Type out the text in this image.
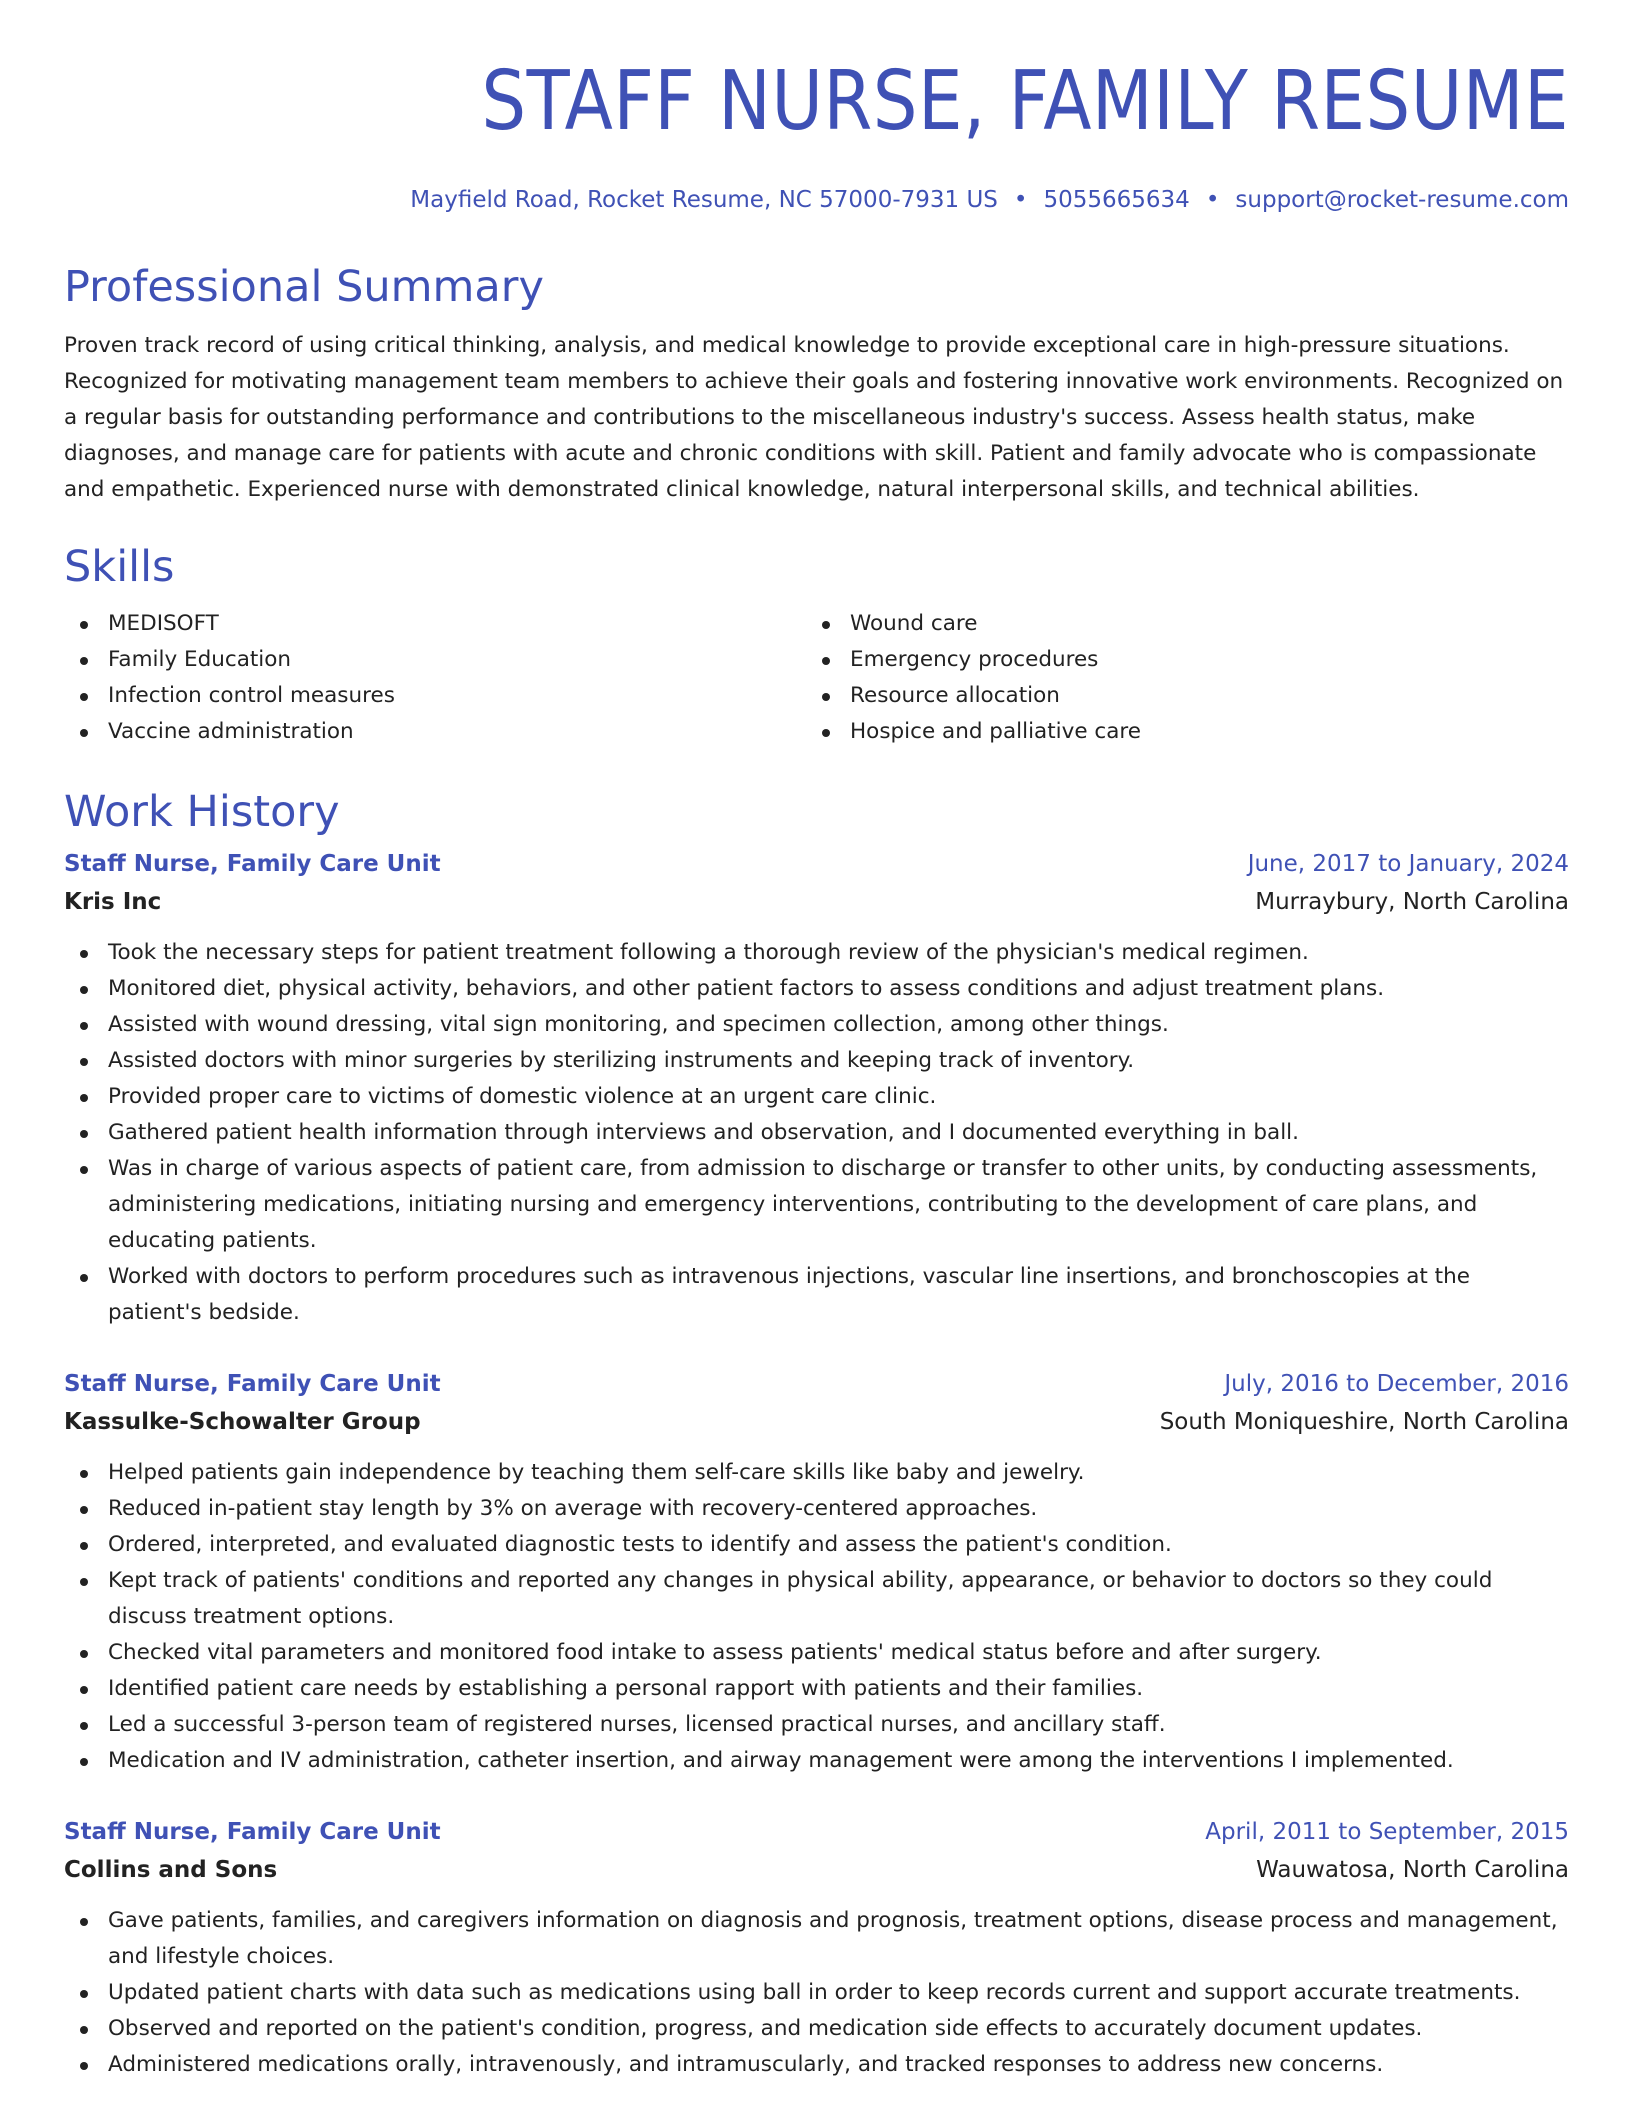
STAFF NURSE, FAMILY RESUME
Mayfield Road, Rocket Resume, NC 57000-7931 US • 5055665634 • support@rocket-resume.com
Professional Summary

Proven track record of using critical thinking, analysis, and medical knowledge to provide exceptional care in high-pressure situations. Recognized for motivating management team members to achieve their goals and fostering innovative work environments. Recognized on a regular basis for outstanding performance and contributions to the miscellaneous industry's success. Assess health status, make diagnoses, and manage care for patients with acute and chronic conditions with skill. Patient and family advocate who is compassionate and empathetic. Experienced nurse with demonstrated clinical knowledge, natural interpersonal skills, and technical abilities.

Skills
MEDISOFT
Family Education
Infection control measures
Vaccine administration
Wound care
Emergency procedures
Resource allocation
Hospice and palliative care
Work History
Staff Nurse, Family Care Unit	June, 2017 to January, 2024
Kris Inc	Murraybury, North Carolina
Took the necessary steps for patient treatment following a thorough review of the physician's medical regimen.
Monitored diet, physical activity, behaviors, and other patient factors to assess conditions and adjust treatment plans.
Assisted with wound dressing, vital sign monitoring, and specimen collection, among other things.
Assisted doctors with minor surgeries by sterilizing instruments and keeping track of inventory.
Provided proper care to victims of domestic violence at an urgent care clinic.
Gathered patient health information through interviews and observation, and I documented everything in ball.
Was in charge of various aspects of patient care, from admission to discharge or transfer to other units, by conducting assessments, administering medications, initiating nursing and emergency interventions, contributing to the development of care plans, and educating patients.
Worked with doctors to perform procedures such as intravenous injections, vascular line insertions, and bronchoscopies at the patient's bedside.
Staff Nurse, Family Care Unit	July, 2016 to December, 2016
Kassulke-Schowalter Group	South Moniqueshire, North Carolina
Helped patients gain independence by teaching them self-care skills like baby and jewelry.
Reduced in-patient stay length by 3% on average with recovery-centered approaches.
Ordered, interpreted, and evaluated diagnostic tests to identify and assess the patient's condition.
Kept track of patients' conditions and reported any changes in physical ability, appearance, or behavior to doctors so they could discuss treatment options.
Checked vital parameters and monitored food intake to assess patients' medical status before and after surgery.
Identified patient care needs by establishing a personal rapport with patients and their families.
Led a successful 3-person team of registered nurses, licensed practical nurses, and ancillary staff.
Medication and IV administration, catheter insertion, and airway management were among the interventions I implemented.
Staff Nurse, Family Care Unit	April, 2011 to September, 2015
Collins and Sons	Wauwatosa, North Carolina
Gave patients, families, and caregivers information on diagnosis and prognosis, treatment options, disease process and management, and lifestyle choices.
Updated patient charts with data such as medications using ball in order to keep records current and support accurate treatments.
Observed and reported on the patient's condition, progress, and medication side effects to accurately document updates.
Administered medications orally, intravenously, and intramuscularly, and tracked responses to address new concerns.
